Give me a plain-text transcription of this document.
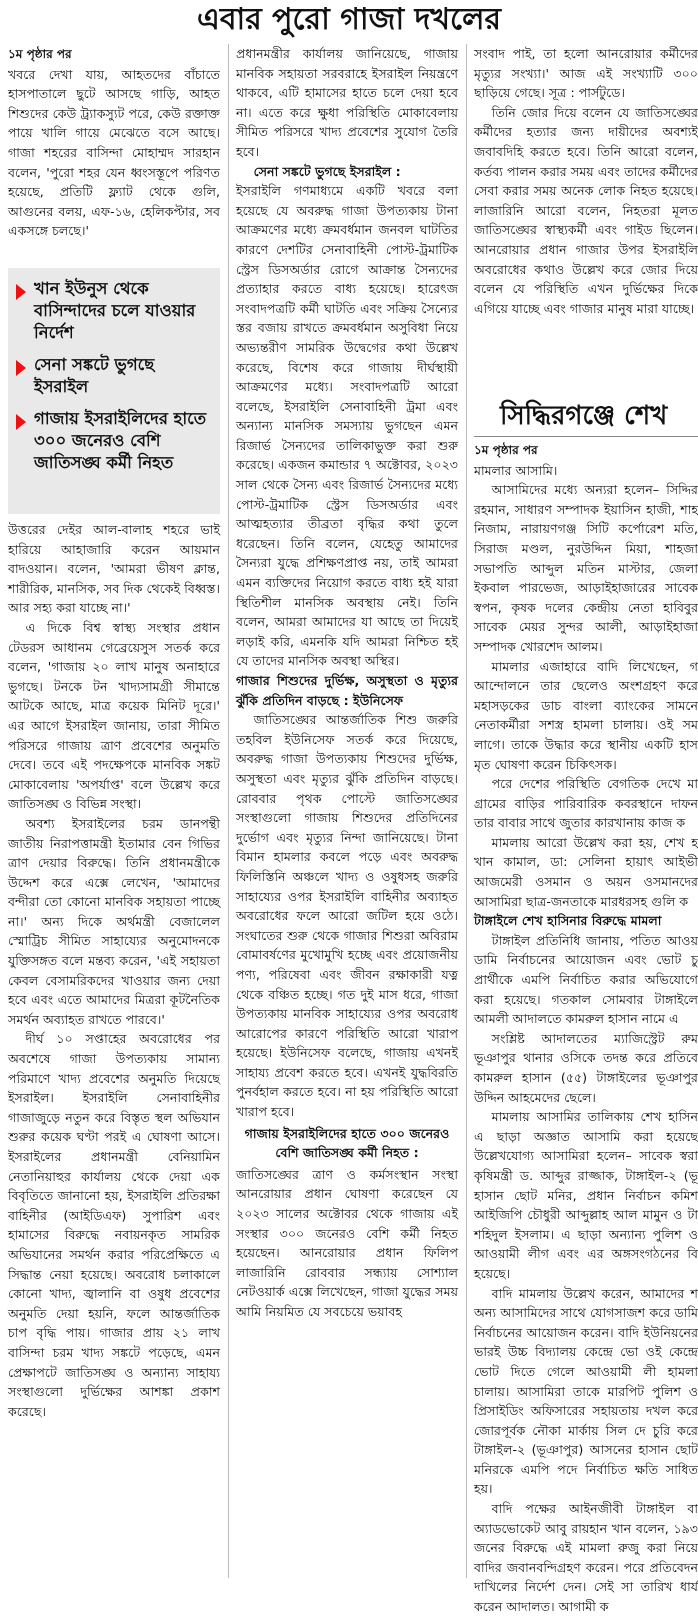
এবার পুরো গাজা দখলের

১ম পৃষ্ঠার পর

খবরে দেখা যায়, আহতদের বাঁচাতে হাসপাতালে ছুটে আসছে গাড়ি, আহত শিশুদের কেউ ট্র্যাকস্যুট পরে, কেউ রক্তাক্ত পায়ে খালি গায়ে মেঝেতে বসে আছে। গাজা শহরের বাসিন্দা মোহাম্মদ সারহান বলেন, 'পুরো শহর যেন ধ্বংসস্তূপে পরিণত হয়েছে, প্রতিটি ফ্ল্যাট থেকে গুলি, আগুনের বলয়, এফ-১৬, হেলিকপ্টার, সব একসঙ্গে চলছে।'

খান ইউনুস থেকে বাসিন্দাদের চলে যাওয়ার নির্দেশ
সেনা সঙ্কটে ভুগছে ইসরাইল
গাজায় ইসরাইলিদের হাতে ৩০০ জনেরও বেশি জাতিসঙ্ঘ কর্মী নিহত

উত্তরের দেইর আল-বালাহ শহরে ভাই হারিয়ে আহাজারি করেন আয়মান বাদওয়ান। বলেন, 'আমরা ভীষণ ক্লান্ত, শারীরিক, মানসিক, সব দিক থেকেই বিধ্বস্ত। আর সহ্য করা যাচ্ছে না।'

এ দিকে বিশ্ব স্বাস্থ্য সংস্থার প্রধান টেডরস আধানম গেব্রেয়েসুস সতর্ক করে বলেন, 'গাজায় ২০ লাখ মানুষ অনাহারে ভুগছে। টনকে টন খাদ্যসামগ্রী সীমান্তে আটকে আছে, মাত্র কয়েক মিনিট দূরে।' এর আগে ইসরাইল জানায়, তারা সীমিত পরিসরে গাজায় ত্রাণ প্রবেশের অনুমতি দেবে। তবে এই পদক্ষেপকে মানবিক সঙ্কট মোকাবেলায় 'অপর্যাপ্ত' বলে উল্লেখ করে জাতিসঙ্ঘ ও বিভিন্ন সংস্থা।

অবশ্য ইসরাইলের চরম ডানপন্থী জাতীয় নিরাপত্তামন্ত্রী ইতামার বেন গিভির ত্রাণ দেয়ার বিরুদ্ধে। তিনি প্রধানমন্ত্রীকে উদ্দেশ করে এক্সে লেখেন, 'আমাদের বন্দীরা তো কোনো মানবিক সহায়তা পাচ্ছে না।' অন্য দিকে অর্থমন্ত্রী বেজালেল স্মোট্রিচ সীমিত সাহায্যের অনুমোদনকে যুক্তিসঙ্গত বলে মন্তব্য করেন, 'এই সহায়তা কেবল বেসামরিকদের খাওয়ার জন্য দেয়া হবে এবং এতে আমাদের মিত্ররা কূটনৈতিক সমর্থন অব্যাহত রাখতে পারবে।'

দীর্ঘ ১০ সপ্তাহের অবরোধের পর অবশেষে গাজা উপত্যকায় সামান্য পরিমাণে খাদ্য প্রবেশের অনুমতি দিয়েছে ইসরাইল। ইসরাইলি সেনাবাহিনীর গাজাজুড়ে নতুন করে বিস্তৃত স্থল অভিযান শুরুর কয়েক ঘণ্টা পরই এ ঘোষণা আসে। ইসরাইলের প্রধানমন্ত্রী বেনিয়ামিন নেতানিয়াহুর কার্যালয় থেকে দেয়া এক বিবৃতিতে জানানো হয়, ইসরাইলি প্রতিরক্ষা বাহিনীর (আইডিএফ) সুপারিশ এবং হামাসের বিরুদ্ধে নবায়নকৃত সামরিক অভিযানের সমর্থন করার পরিপ্রেক্ষিতে এ সিদ্ধান্ত নেয়া হয়েছে। অবরোধ চলাকালে কোনো খাদ্য, জ্বালানি বা ওষুধ প্রবেশের অনুমতি দেয়া হয়নি, ফলে আন্তর্জাতিক চাপ বৃদ্ধি পায়। গাজার প্রায় ২১ লাখ বাসিন্দা চরম খাদ্য সঙ্কটে পড়েছে, এমন প্রেক্ষাপটে জাতিসঙ্ঘ ও অন্যান্য সাহায্য সংস্থাগুলো দুর্ভিক্ষের আশঙ্কা প্রকাশ করেছে।

প্রধানমন্ত্রীর কার্যালয় জানিয়েছে, গাজায় মানবিক সহায়তা সরবরাহে ইসরাইল নিয়ন্ত্রণে থাকবে, এটি হামাসের হাতে চলে দেয়া হবে না। এতে করে ক্ষুধা পরিস্থিতি মোকাবেলায় সীমিত পরিসরে খাদ্য প্রবেশের সুযোগ তৈরি হবে।

সেনা সঙ্কটে ভুগছে ইসরাইল :

ইসরাইলি গণমাধ্যমে একটি খবরে বলা হয়েছে যে অবরুদ্ধ গাজা উপত্যকায় টানা আক্রমণের মধ্যে ক্রমবর্ধমান জনবল ঘাটতির কারণে দেশটির সেনাবাহিনী পোস্ট-ট্রমাটিক স্ট্রেস ডিসঅর্ডার রোগে আক্রান্ত সৈন্যদের প্রত্যাহার করতে বাধ্য হয়েছে। হারেৎজ সংবাদপত্রটি কর্মী ঘাটতি এবং সক্রিয় সৈন্যের স্তর বজায় রাখতে ক্রমবর্ধমান অসুবিধা নিয়ে অভ্যন্তরীণ সামরিক উদ্বেগের কথা উল্লেখ করেছে, বিশেষ করে গাজায় দীর্ঘস্থায়ী আক্রমণের মধ্যে। সংবাদপত্রটি আরো বলেছে, ইসরাইলি সেনাবাহিনী ট্রমা এবং অন্যান্য মানসিক সমস্যায় ভুগছেন এমন রিজার্ভ সৈন্যদের তালিকাভুক্ত করা শুরু করেছে। একজন কমান্ডার ৭ অক্টোবর, ২০২৩ সাল থেকে সৈন্য এবং রিজার্ভ সৈন্যদের মধ্যে পোস্ট-ট্রমাটিক স্ট্রেস ডিসঅর্ডার এবং আত্মহত্যার তীব্রতা বৃদ্ধির কথা তুলে ধরেছেন। তিনি বলেন, যেহেতু আমাদের সৈন্যরা যুদ্ধে প্রশিক্ষণপ্রাপ্ত নয়, তাই আমরা এমন ব্যক্তিদের নিয়োগ করতে বাধ্য হই যারা স্থিতিশীল মানসিক অবস্থায় নেই। তিনি বলেন, আমরা আমাদের যা আছে তা দিয়েই লড়াই করি, এমনকি যদি আমরা নিশ্চিত হই যে তাদের মানসিক অবস্থা অস্থির।

গাজার শিশুদের দুর্ভিক্ষ, অসুস্থতা ও মৃত্যুর ঝুঁকি প্রতিদিন বাড়ছে : ইউনিসেফ

জাতিসঙ্ঘের আন্তর্জাতিক শিশু জরুরি তহবিল ইউনিসেফ সতর্ক করে দিয়েছে, অবরুদ্ধ গাজা উপত্যকায় শিশুদের দুর্ভিক্ষ, অসুস্থতা এবং মৃত্যুর ঝুঁকি প্রতিদিন বাড়ছে। রোববার পৃথক পোস্টে জাতিসঙ্ঘের সংস্থাগুলো গাজায় শিশুদের প্রতিদিনের দুর্ভোগ এবং মৃত্যুর নিন্দা জানিয়েছে। টানা বিমান হামলার কবলে পড়ে এবং অবরুদ্ধ ফিলিস্তিনি অঞ্চলে খাদ্য ও ওষুধসহ জরুরি সাহায্যের ওপর ইসরাইলি বাহিনীর অব্যাহত অবরোধের ফলে আরো জটিল হয়ে ওঠে। সংঘাতের শুরু থেকে গাজার শিশুরা অবিরাম বোমাবর্ষণের মুখোমুখি হচ্ছে এবং প্রয়োজনীয় পণ্য, পরিষেবা এবং জীবন রক্ষাকারী যত্ন থেকে বঞ্চিত হচ্ছে। গত দুই মাস ধরে, গাজা উপত্যকায় মানবিক সাহায্যের ওপর অবরোধ আরোপের কারণে পরিস্থিতি আরো খারাপ হয়েছে। ইউনিসেফ বলেছে, গাজায় এখনই সাহায্য প্রবেশ করতে হবে। এখনই যুদ্ধবিরতি পুনর্বহাল করতে হবে। না হয় পরিস্থিতি আরো খারাপ হবে।

গাজায় ইসরাইলিদের হাতে ৩০০ জনেরও বেশি জাতিসঙ্ঘ কর্মী নিহত :

জাতিসঙ্ঘের ত্রাণ ও কর্মসংস্থান সংস্থা আনরোয়ার প্রধান ঘোষণা করেছেন যে ২০২৩ সালের অক্টোবর থেকে গাজায় এই সংস্থার ৩০০ জনেরও বেশি কর্মী নিহত হয়েছেন। আনরোয়ার প্রধান ফিলিপ লাজারিনি রোববার সন্ধ্যায় সোশ্যাল নেটওয়ার্ক এক্সে লিখেছেন, গাজা যুদ্ধের সময় আমি নিয়মিত যে সবচেয়ে ভয়াবহ

সংবাদ পাই, তা হলো আনরোয়ার কর্মীদের মৃত্যুর সংখ্যা।' আজ এই সংখ্যাটি ৩০০ ছাড়িয়ে গেছে। সূত্র : পার্সটুডে।

তিনি জোর দিয়ে বলেন যে জাতিসঙ্ঘের কর্মীদের হত্যার জন্য দায়ীদের অবশ্যই জবাবদিহি করতে হবে। তিনি আরো বলেন, কর্তব্য পালন করার সময় এবং তাদের কর্মীদের সেবা করার সময় অনেক লোক নিহত হয়েছে। লাজারিনি আরো বলেন, নিহতরা মূলত জাতিসঙ্ঘের স্বাস্থ্যকর্মী এবং গাইড ছিলেন। আনরোয়ার প্রধান গাজার উপর ইসরাইলি অবরোধের কথাও উল্লেখ করে জোর দিয়ে বলেন যে পরিস্থিতি এখন দুর্ভিক্ষের দিকে এগিয়ে যাচ্ছে এবং গাজার মানুষ মারা যাচ্ছে।

সিদ্ধিরগঞ্জে শেখ

১ম পৃষ্ঠার পর

মামলার আসামি।

আসামিদের মধ্যে অন্যরা হলেন– সিদ্দির রহমান, সাধারণ সম্পাদক ইয়াসিন হাজী, শাহ নিজাম, নারায়ণগঞ্জ সিটি কর্পোরেশ মতি, সিরাজ মণ্ডল, নুরউদ্দিন মিয়া, শাহজা সভাপতি আব্দুল মতিন মাস্টার, জেলা ইকবাল পারভেজ, আড়াইহাজারের সাবেক স্বপন, কৃষক দলের কেন্দ্রীয় নেতা হাবিবুর সাবেক মেয়র সুন্দর আলী, আড়াইহাজা সম্পাদক খোরশেদ আলম।

মামলার এজাহারে বাদি লিখেছেন, গ আন্দোলনে তার ছেলেও অংশগ্রহণ করে মহাসড়কের ডাচ বাংলা ব্যাংকের সামনে নেতাকর্মীরা সশস্ত্র হামলা চালায়। ওই সম লাগে। তাকে উদ্ধার করে স্থানীয় একটি হাস মৃত ঘোষণা করেন চিকিৎসক।

পরে দেশের পরিস্থিতি বেগতিক দেখে মা গ্রামের বাড়ির পারিবারিক কবরস্থানে দাফন তার বাবার সাথে জুতার কারখানায় কাজ ক

মামলায় আরো উল্লেখ করা হয়, শেখ হ খান কামাল, ডা: সেলিনা হায়াৎ আইভী আজমেরী ওসমান ও অয়ন ওসমানদের আসামিরা ছাত্র-জনতাকে মারধরসহ গুলি ক

টাঙ্গাইলে শেখ হাসিনার বিরুদ্ধে মামলা

টাঙ্গাইল প্রতিনিধি জানায়, পতিত আওয় ডামি নির্বাচনের আয়োজন এবং ভোট চু প্রার্থীকে এমপি নির্বাচিত করার অভিযোগে করা হয়েছে। গতকাল সোমবার টাঙ্গাইলে আমলী আদালতে কামরুল হাসান নামে এ

সংশ্লিষ্ট আদালতের ম্যাজিস্ট্রেট রুম ভূঞাপুর থানার ওসিকে তদন্ত করে প্রতিবে কামরুল হাসান (৫৫) টাঙ্গাইলের ভূঞাপুর উদ্দিন আহমেদের ছেলে।

মামলায় আসামির তালিকায় শেখ হাসিন এ ছাড়া অজ্ঞাত আসামি করা হয়েছে উল্লেখযোগ্য আসামিরা হলেন– সাবেক স্বরা কৃষিমন্ত্রী ড. আব্দুর রাজ্জাক, টাঙ্গাইল-২ (ভূ হাসান ছোট মনির, প্রধান নির্বাচন কমিশ আইজিপি চৌধুরী আব্দুল্লাহ আল মামুন ও টা শহিদুল ইসলাম। এ ছাড়া অন্যান্য পুলিশ ও আওয়ামী লীগ এবং এর অঙ্গসংগঠনের বি হয়েছে।

বাদি মামলায় উল্লেখ করেন, আমাদের শ অন্য আসামিদের সাথে যোগসাজশ করে ডামি নির্বাচনের আয়োজন করেন। বাদি ইউনিয়নের ভারই উচ্চ বিদ্যালয় কেন্দ্রে ভো ওই কেন্দ্রে ভোট দিতে গেলে আওয়ামী লী হামলা চালায়। আসামিরা তাকে মারপিট পুলিশ ও প্রিসাইডিং অফিসারের সহায়তায় দখল করে জোরপূর্বক নৌকা মার্কায় সিল দে চুরি করে টাঙ্গাইল-২ (ভূঞাপুর) আসনের হাসান ছোট মনিরকে এমপি পদে নির্বাচিত ক্ষতি সাধিত হয়।

বাদি পক্ষের আইনজীবী টাঙ্গাইল বা অ্যাডভোকেট আবু রায়হান খান বলেন, ১৯৩ জনের বিরুদ্ধে এই মামলা রুজু করা নিয়ে বাদির জবানবন্দিগ্রহণ করেন। পরে প্রতিবেদন দাখিলের নির্দেশ দেন। সেই সা তারিখ ধার্য করেন আদালত। আগামী ক
